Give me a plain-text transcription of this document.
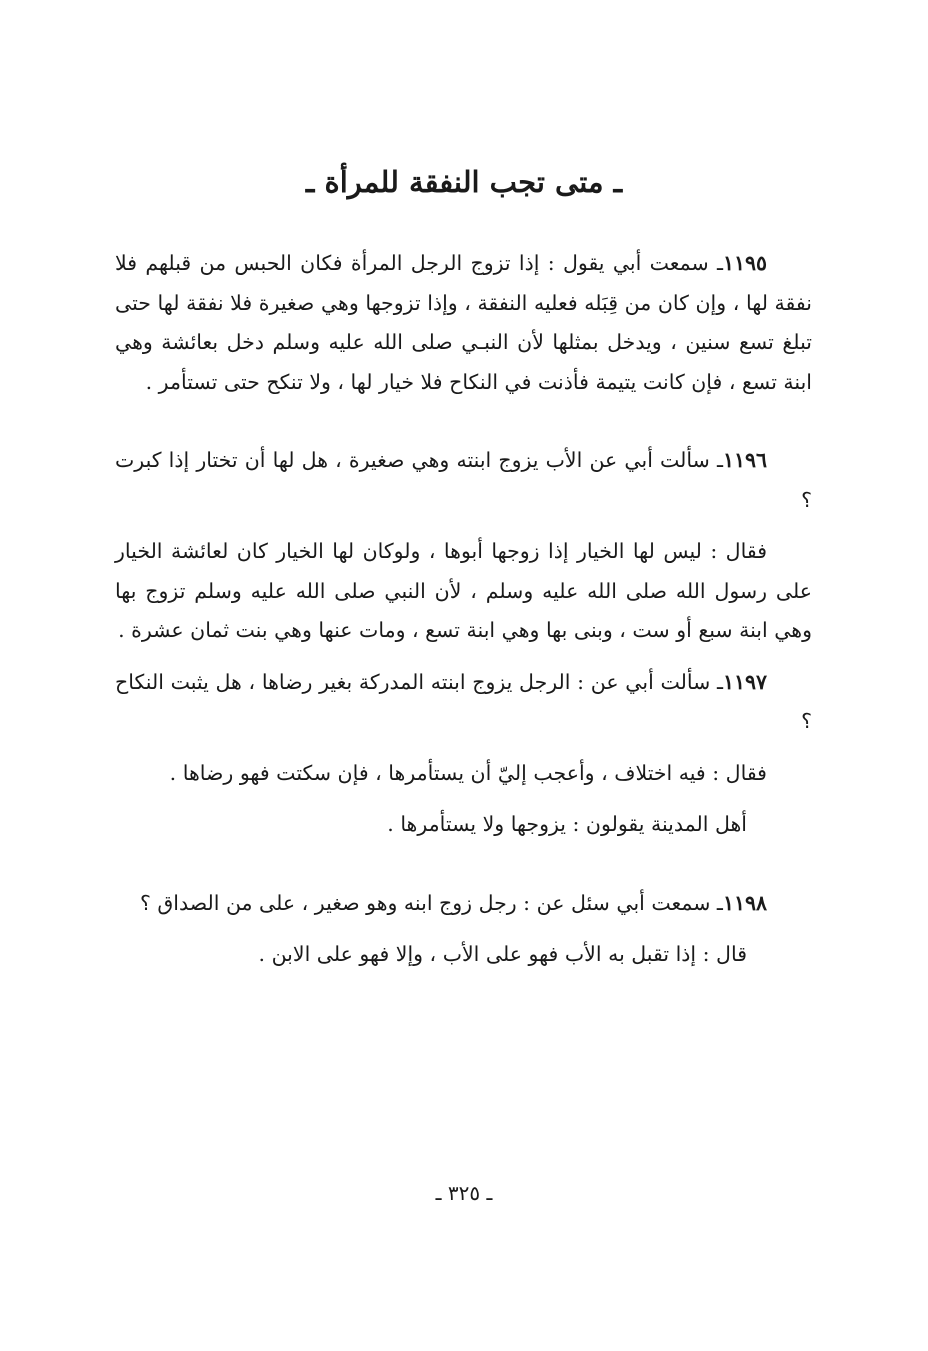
ـ متى تجب النفقة للمرأة ـ

١١٩٥ـ سمعت أبي يقول : إذا تزوج الرجل المرأة فكان الحبس من قبلهم فلا نفقة لها ، وإن كان من قِبَله فعليه النفقة ، وإذا تزوجها وهي صغيرة فلا نفقة لها حتى تبلغ تسع سنين ، ويدخل بمثلها لأن النبـي صلى الله عليه وسلم دخل بعائشة وهي ابنة تسع ، فإن كانت يتيمة فأذنت في النكاح فلا خيار لها ، ولا تنكح حتى تستأمر .

١١٩٦ـ سألت أبي عن الأب يزوج ابنته وهي صغيرة ، هل لها أن تختار إذا كبرت ؟

فقال : ليس لها الخيار إذا زوجها أبوها ، ولوكان لها الخيار كان لعائشة الخيار على رسول الله صلى الله عليه وسلم ، لأن النبي صلى الله عليه وسلم تزوج بها وهي ابنة سبع أو ست ، وبنى بها وهي ابنة تسع ، ومات عنها وهي بنت ثمان عشرة .

١١٩٧ـ سألت أبي عن : الرجل يزوج ابنته المدركة بغير رضاها ، هل يثبت النكاح ؟

فقال : فيه اختلاف ، وأعجب إليّ أن يستأمرها ، فإن سكتت فهو رضاها .

أهل المدينة يقولون : يزوجها ولا يستأمرها .

١١٩٨ـ سمعت أبي سئل عن : رجل زوج ابنه وهو صغير ، على من الصداق ؟

قال : إذا تقبل به الأب فهو على الأب ، وإلا فهو على الابن .

ـ ٣٢٥ ـ
